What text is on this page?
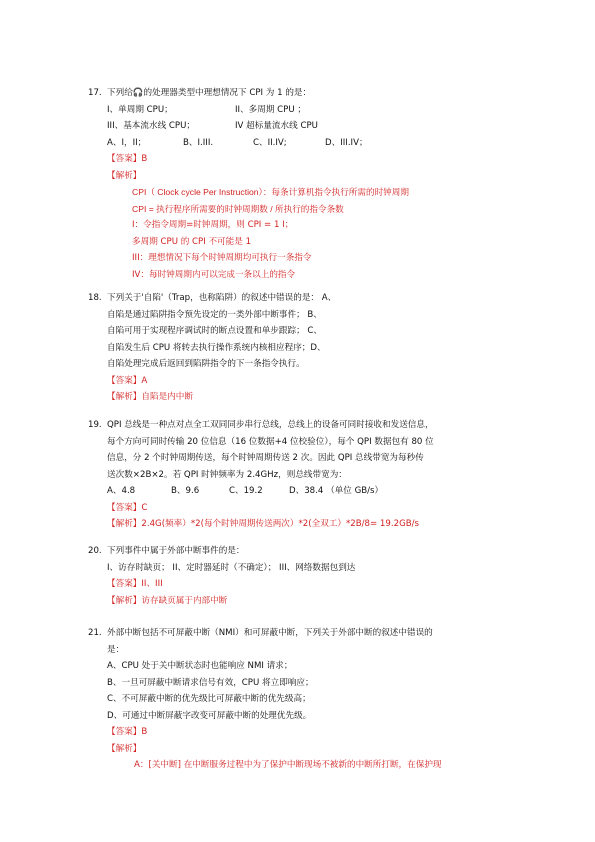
17. 下列给🎧的处理器类型中理想情况下 CPI 为 1 的是：
I、单周期 CPU；	II、多周期 CPU ；
III、基本流水线 CPU；	IV 超标量流水线 CPU
A、I，II；	B、I.III.	C、II.IV;	D、III.IV；
【答案】B
【解析】
CPI（ Clock cycle Per Instruction）：每条计算机指令执行所需的时钟周期
CPI = 执行程序所需要的时钟周期数 / 所执行的指令条数
I：令指令周期=时钟周期，则 CPI = 1 I；
多周期 CPU 的 CPI 不可能是 1
III：理想情况下每个时钟周期均可执行一条指令
IV：每时钟周期内可以完成一条以上的指令
18. 下列关于'自陷'（Trap，也称陷阱）的叙述中错误的是： A、
自陷是通过陷阱指令预先设定的一类外部中断事件； B、
自陷可用于实现程序调试时的断点设置和单步跟踪； C、
自陷发生后 CPU 将转去执行操作系统内核相应程序；D、
自陷处理完成后返回到陷阱指令的下一条指令执行。
【答案】A
【解析】自陷是内中断
19. QPI 总线是一种点对点全工双同同步串行总线，总线上的设备可同时接收和发送信息，
每个方向可同时传输 20 位信息（16 位数据+4 位校验位），每个 QPI 数据包有 80 位
信息，分 2 个时钟周期传送，每个时钟周期传送 2 次。因此 QPI 总线带宽为每秒传
送次数×2B×2。若 QPI 时钟频率为 2.4GHz，则总线带宽为：
A、4.8	B、9.6	C、19.2	D、38.4 （单位 GB/s）
【答案】C
【解析】2.4G(频率）*2(每个时钟周期传送两次）*2(全双工）*2B/8= 19.2GB/s
20. 下列事件中属于外部中断事件的是：
I、访存时缺页； II、定时器延时（不确定）； III、网络数据包到达
【答案】II、III
【解析】访存缺页属于内部中断
21. 外部中断包括不可屏蔽中断（NMI）和可屏蔽中断，下列关于外部中断的叙述中错误的
是：
A、CPU 处于关中断状态时也能响应 NMI 请求；
B、一旦可屏蔽中断请求信号有效，CPU 将立即响应；
C、不可屏蔽中断的优先级比可屏蔽中断的优先级高；
D、可通过中断屏蔽字改变可屏蔽中断的处理优先级。
【答案】B
【解析】
A：[关中断] 在中断服务过程中为了保护中断现场不被新的中断所打断，在保护现
